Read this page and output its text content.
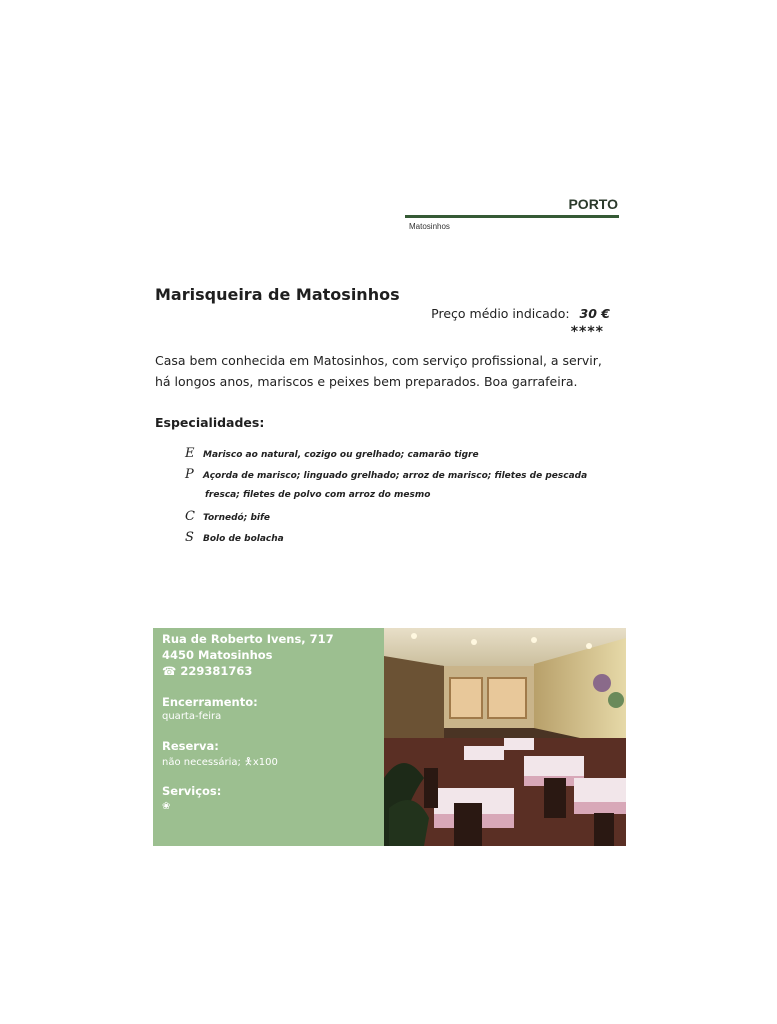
PORTO
Matosinhos
Marisqueira de Matosinhos
Preço médio indicado: 30 €
****
Casa bem conhecida em Matosinhos, com serviço profissional, a servir, há longos anos, mariscos e peixes bem preparados. Boa garrafeira.
Especialidades:
E Marisco ao natural, cozigo ou grelhado; camarão tigre
P Açorda de marisco; linguado grelhado; arroz de marisco; filetes de pescada
fresca; filetes de polvo com arroz do mesmo
C Tornedó; bife
S Bolo de bolacha
Rua de Roberto Ivens, 717
4450 Matosinhos
☎ 229381763
Encerramento:
quarta-feira
Reserva:
não necessária; 🯅x100
Serviços:
❀
